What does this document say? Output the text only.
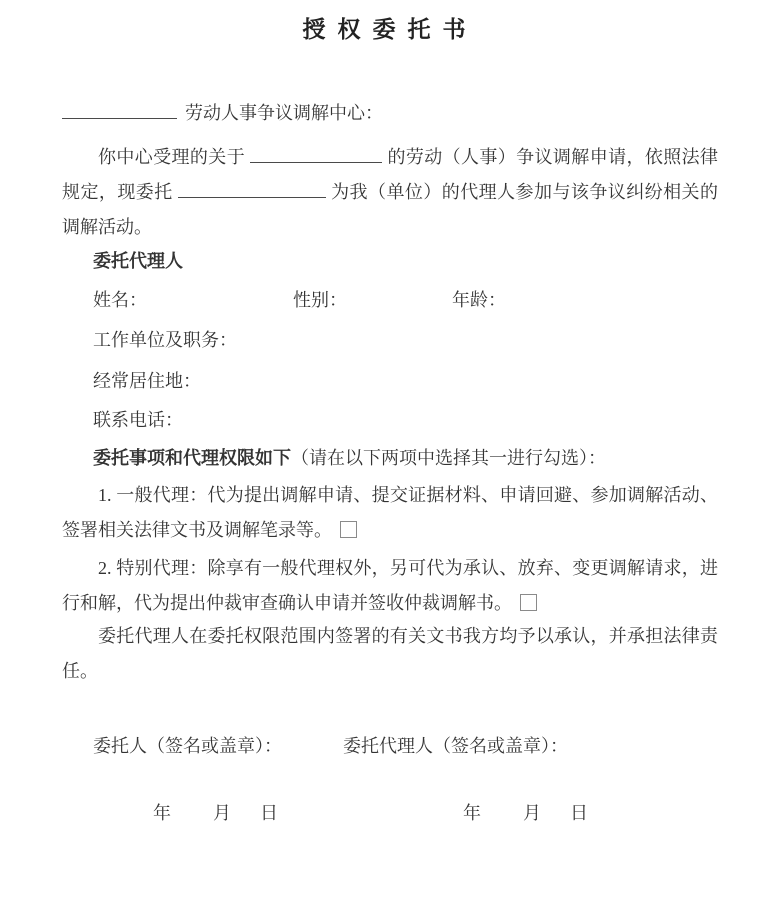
授权委托书
劳动人事争议调解中心：
你中心受理的关于	的劳动（人事）争议调解申请，依照法律规定，现委托	为我（单位）的代理人参加与该争议纠纷相关的调解活动。
委托代理人
姓名：	性别：	年龄：
工作单位及职务：
经常居住地：
联系电话：
委托事项和代理权限如下（请在以下两项中选择其一进行勾选）：
1. 一般代理：代为提出调解申请、提交证据材料、申请回避、参加调解活动、签署相关法律文书及调解笔录等。
2. 特别代理：除享有一般代理权外，另可代为承认、放弃、变更调解请求，进行和解，代为提出仲裁审查确认申请并签收仲裁调解书。
委托代理人在委托权限范围内签署的有关文书我方均予以承认，并承担法律责任。
委托人（签名或盖章）：	委托代理人（签名或盖章）：
年 月 日	年 月 日
